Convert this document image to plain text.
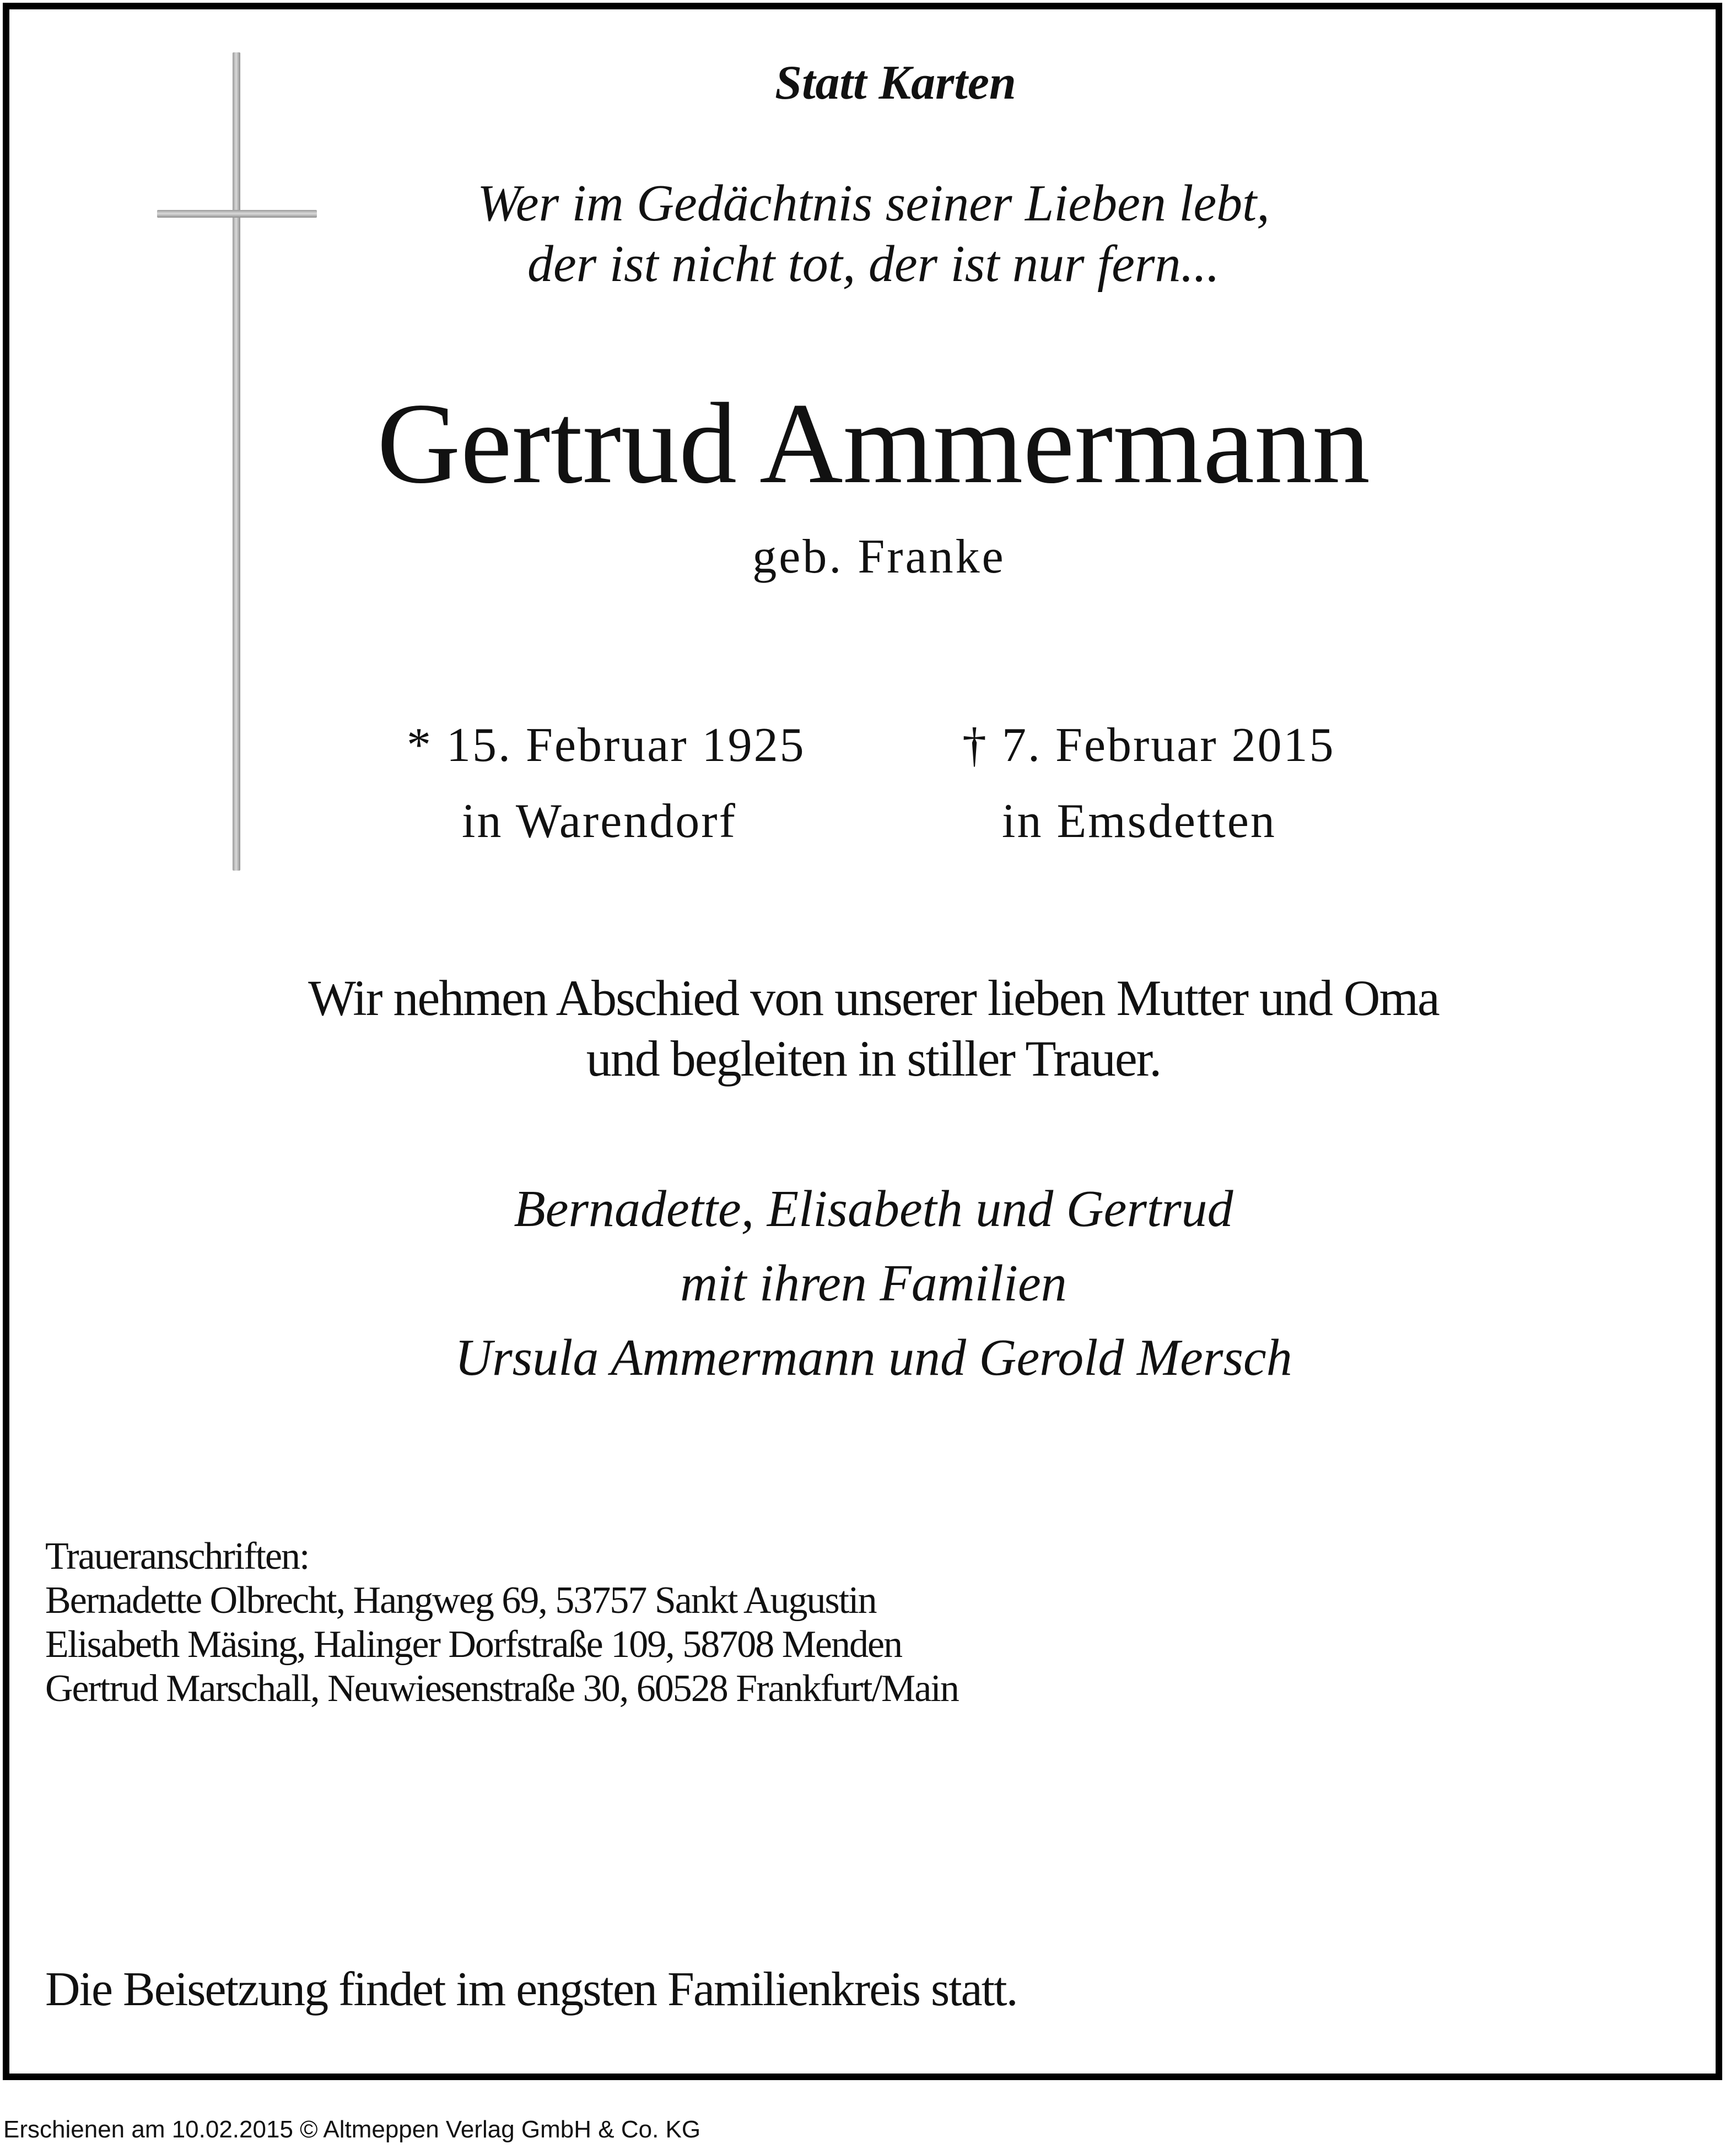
Statt Karten
Wer im Gedächtnis seiner Lieben lebt,
der ist nicht tot, der ist nur fern...
Gertrud Ammermann
geb. Franke
* 15. Februar 1925
in Warendorf
† 7. Februar 2015
in Emsdetten
Wir nehmen Abschied von unserer lieben Mutter und Oma
und begleiten in stiller Trauer.
Bernadette, Elisabeth und Gertrud
mit ihren Familien
Ursula Ammermann und Gerold Mersch
Traueranschriften:
Bernadette Olbrecht, Hangweg 69, 53757 Sankt Augustin
Elisabeth Mäsing, Halinger Dorfstraße 109, 58708 Menden
Gertrud Marschall, Neuwiesenstraße 30, 60528 Frankfurt/Main
Die Beisetzung findet im engsten Familienkreis statt.
Erschienen am 10.02.2015 © Altmeppen Verlag GmbH & Co. KG
